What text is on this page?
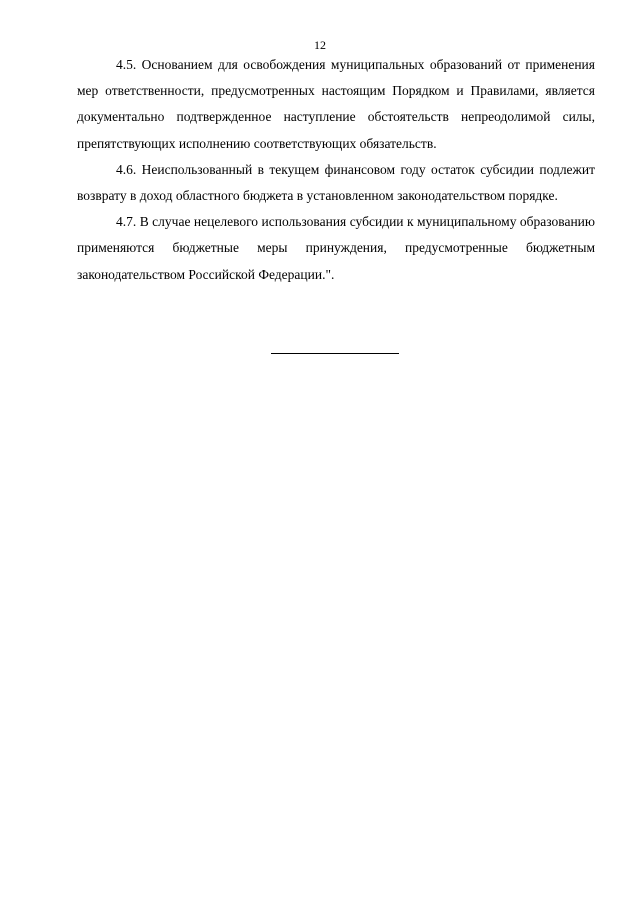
12

4.5. Основанием для освобождения муниципальных образований от применения мер ответственности, предусмотренных настоящим Порядком и Правилами, является документально подтвержденное наступление обстоятельств непреодолимой силы, препятствующих исполнению соответствующих обязательств.

4.6. Неиспользованный в текущем финансовом году остаток субсидии подлежит возврату в доход областного бюджета в установленном законодательством порядке.

4.7. В случае нецелевого использования субсидии к муниципальному образованию применяются бюджетные меры принуждения, предусмотренные бюджетным законодательством Российской Федерации.".
